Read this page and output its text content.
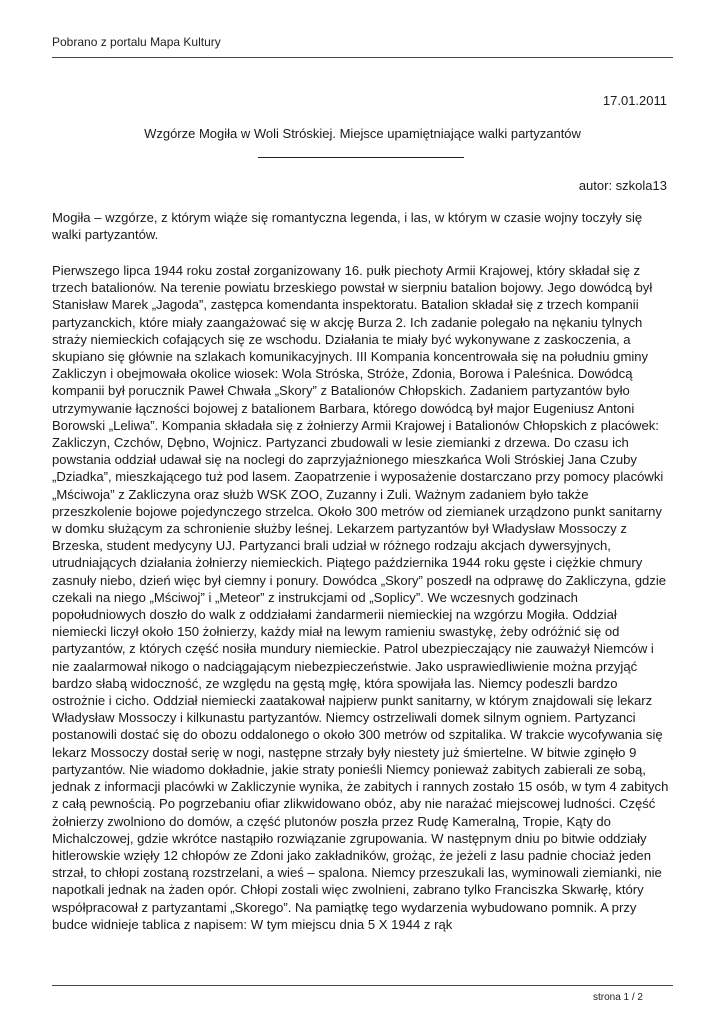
Pobrano z portalu Mapa Kultury
17.01.2011
Wzgórze Mogiła w Woli Stróskiej. Miejsce upamiętniające walki partyzantów
autor: szkola13

Mogiła – wzgórze, z którym wiąże się romantyczna legenda, i las, w którym w czasie wojny toczyły się walki partyzantów.

Pierwszego lipca 1944 roku został zorganizowany 16. pułk piechoty Armii Krajowej, który składał się z trzech batalionów. Na terenie powiatu brzeskiego powstał w sierpniu batalion bojowy. Jego dowódcą był Stanisław Marek „Jagoda”, zastępca komendanta inspektoratu. Batalion składał się z trzech kompanii partyzanckich, które miały zaangażować się w akcję Burza 2. Ich zadanie polegało na nękaniu tylnych straży niemieckich cofających się ze wschodu. Działania te miały być wykonywane z zaskoczenia, a skupiano się głównie na szlakach komunikacyjnych. III Kompania koncentrowała się na południu gminy Zakliczyn i obejmowała okolice wiosek: Wola Stróska, Stróże, Zdonia, Borowa i Paleśnica. Dowódcą kompanii był porucznik Paweł Chwała „Skory” z Batalionów Chłopskich. Zadaniem partyzantów było utrzymywanie łączności bojowej z batalionem Barbara, którego dowódcą był major Eugeniusz Antoni Borowski „Leliwa”. Kompania składała się z żołnierzy Armii Krajowej i Batalionów Chłopskich z placówek: Zakliczyn, Czchów, Dębno, Wojnicz. Partyzanci zbudowali w lesie ziemianki z drzewa. Do czasu ich powstania oddział udawał się na noclegi do zaprzyjaźnionego mieszkańca Woli Stróskiej Jana Czuby „Dziadka”, mieszkającego tuż pod lasem. Zaopatrzenie i wyposażenie dostarczano przy pomocy placówki „Mściwoja” z Zakliczyna oraz służb WSK ZOO, Zuzanny i Zuli. Ważnym zadaniem było także przeszkolenie bojowe pojedynczego strzelca. Około 300 metrów od ziemianek urządzono punkt sanitarny w domku służącym za schronienie służby leśnej. Lekarzem partyzantów był Władysław Mossoczy z Brzeska, student medycyny UJ. Partyzanci brali udział w różnego rodzaju akcjach dywersyjnych, utrudniających działania żołnierzy niemieckich. Piątego października 1944 roku gęste i ciężkie chmury zasnuły niebo, dzień więc był ciemny i ponury. Dowódca „Skory” poszedł na odprawę do Zakliczyna, gdzie czekali na niego „Mściwoj” i „Meteor” z instrukcjami od „Soplicy”. We wczesnych godzinach popołudniowych doszło do walk z oddziałami żandarmerii niemieckiej na wzgórzu Mogiła. Oddział niemiecki liczył około 150 żołnierzy, każdy miał na lewym ramieniu swastykę, żeby odróżnić się od partyzantów, z których część nosiła mundury niemieckie. Patrol ubezpieczający nie zauważył Niemców i nie zaalarmował nikogo o nadciągającym niebezpieczeństwie. Jako usprawiedliwienie można przyjąć bardzo słabą widoczność, ze względu na gęstą mgłę, która spowijała las. Niemcy podeszli bardzo ostrożnie i cicho. Oddział niemiecki zaatakował najpierw punkt sanitarny, w którym znajdowali się lekarz Władysław Mossoczy i kilkunastu partyzantów. Niemcy ostrzeliwali domek silnym ogniem. Partyzanci postanowili dostać się do obozu oddalonego o około 300 metrów od szpitalika. W trakcie wycofywania się lekarz Mossoczy dostał serię w nogi, następne strzały były niestety już śmiertelne. W bitwie zginęło 9 partyzantów. Nie wiadomo dokładnie, jakie straty ponieśli Niemcy ponieważ zabitych zabierali ze sobą, jednak z informacji placówki w Zakliczynie wynika, że zabitych i rannych zostało 15 osób, w tym 4 zabitych z całą pewnością. Po pogrzebaniu ofiar zlikwidowano obóz, aby nie narażać miejscowej ludności. Część żołnierzy zwolniono do domów, a część plutonów poszła przez Rudę Kameralną, Tropie, Kąty do Michalczowej, gdzie wkrótce nastąpiło rozwiązanie zgrupowania. W następnym dniu po bitwie oddziały hitlerowskie wzięły 12 chłopów ze Zdoni jako zakładników, grożąc, że jeżeli z lasu padnie chociaż jeden strzał, to chłopi zostaną rozstrzelani, a wieś – spalona. Niemcy przeszukali las, wyminowali ziemianki, nie napotkali jednak na żaden opór. Chłopi zostali więc zwolnieni, zabrano tylko Franciszka Skwarłę, który współpracował z partyzantami „Skorego”. Na pamiątkę tego wydarzenia wybudowano pomnik. A przy budce widnieje tablica z napisem: W tym miejscu dnia 5 X 1944 z rąk

strona 1 / 2
